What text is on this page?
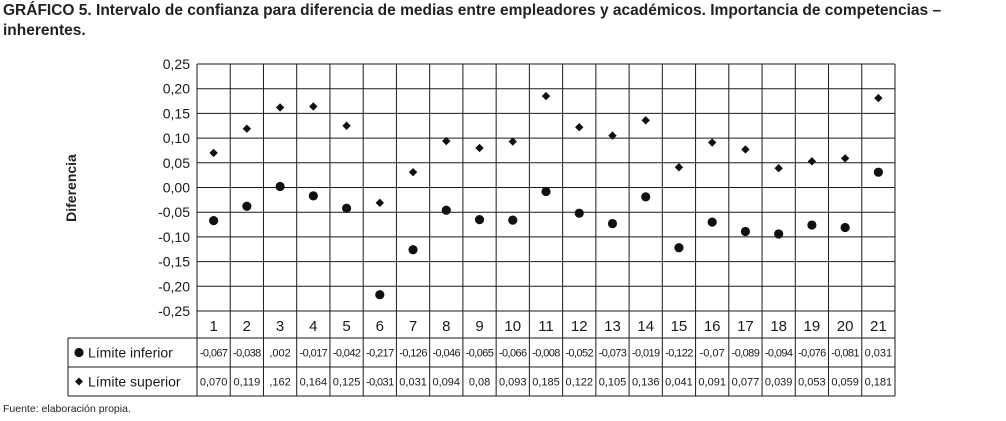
GRÁFICO 5. Intervalo de confianza para diferencia de medias entre empleadores y académicos. Importancia de competencias – inherentes.
0,25
0,20
0,15
0,10
0,05
0,00
-0,05
-0,10
-0,15
-0,20
-0,25
Diferencia
1 2 3 4 5 6 7 8 9 10 11 12 13 14 15 16 17 18 19 20 21
Límite inferior -0,067 -0,038 ,002 -0,017 -0,042 -0,217 -0,126 -0,046 -0,065 -0,066 -0,008 -0,052 -0,073 -0,019 -0,122 -0,07 -0,089 -0,094 -0,076 -0,081 0,031
Límite superior 0,070 0,119 ,162 0,164 0,125 -0,031 0,031 0,094 0,08 0,093 0,185 0,122 0,105 0,136 0,041 0,091 0,077 0,039 0,053 0,059 0,181
Fuente: elaboración propia.
